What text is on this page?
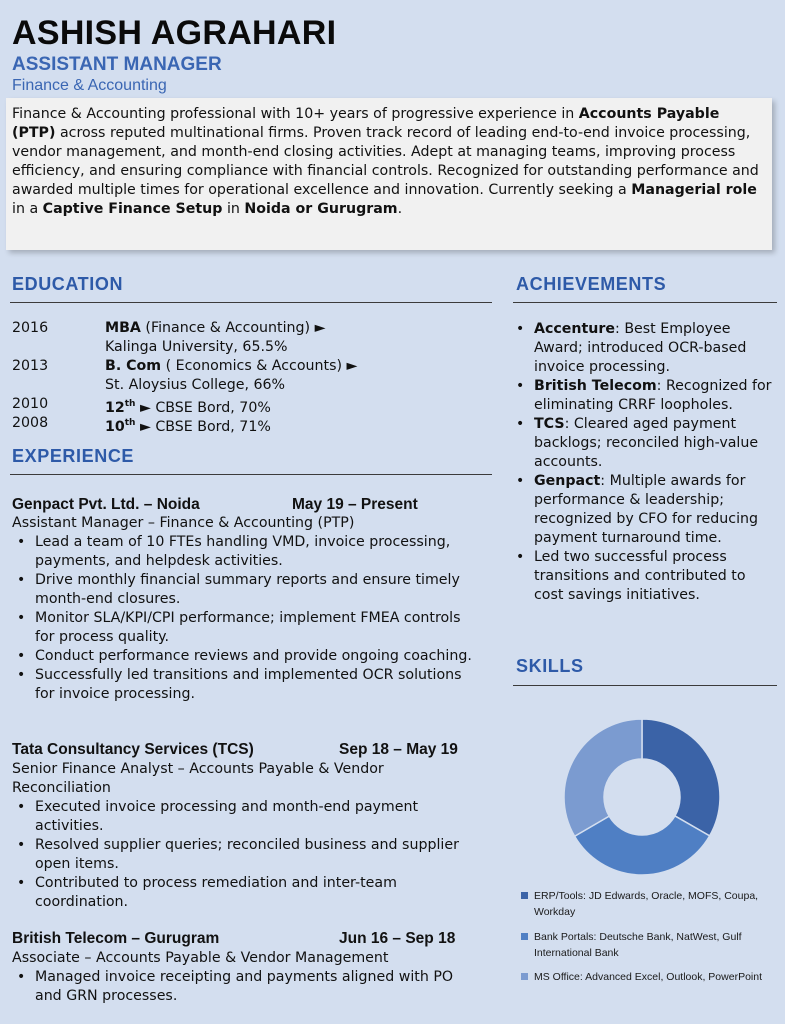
ASHISH AGRAHARI
ASSISTANT MANAGER
Finance & Accounting
Finance & Accounting professional with 10+ years of progressive experience in Accounts Payable (PTP) across reputed multinational firms. Proven track record of leading end-to-end invoice processing, vendor management, and month-end closing activities. Adept at managing teams, improving process efficiency, and ensuring compliance with financial controls. Recognized for outstanding performance and awarded multiple times for operational excellence and innovation. Currently seeking a Managerial role in a Captive Finance Setup in Noida or Gurugram.
EDUCATION
2016	MBA (Finance & Accounting) ►
Kalinga University, 65.5%
2013	B. Com ( Economics & Accounts) ►
St. Aloysius College, 66%
2010	12th ► CBSE Bord, 70%
2008	10th ► CBSE Bord, 71%
EXPERIENCE
Genpact Pvt. Ltd. – Noida	May 19 – Present
Assistant Manager – Finance & Accounting (PTP)
• Lead a team of 10 FTEs handling VMD, invoice processing, payments, and helpdesk activities.
• Drive monthly financial summary reports and ensure timely month-end closures.
• Monitor SLA/KPI/CPI performance; implement FMEA controls for process quality.
• Conduct performance reviews and provide ongoing coaching.
• Successfully led transitions and implemented OCR solutions for invoice processing.
Tata Consultancy Services (TCS)	Sep 18 – May 19
Senior Finance Analyst – Accounts Payable & Vendor Reconciliation
• Executed invoice processing and month-end payment activities.
• Resolved supplier queries; reconciled business and supplier open items.
• Contributed to process remediation and inter-team coordination.
British Telecom – Gurugram	Jun 16 – Sep 18
Associate – Accounts Payable & Vendor Management
• Managed invoice receipting and payments aligned with PO and GRN processes.
ACHIEVEMENTS
• Accenture: Best Employee Award; introduced OCR-based invoice processing.
• British Telecom: Recognized for eliminating CRRF loopholes.
• TCS: Cleared aged payment backlogs; reconciled high-value accounts.
• Genpact: Multiple awards for performance & leadership; recognized by CFO for reducing payment turnaround time.
• Led two successful process transitions and contributed to cost savings initiatives.
SKILLS
ERP/Tools: JD Edwards, Oracle, MOFS, Coupa, Workday
Bank Portals: Deutsche Bank, NatWest, Gulf International Bank
MS Office: Advanced Excel, Outlook, PowerPoint
